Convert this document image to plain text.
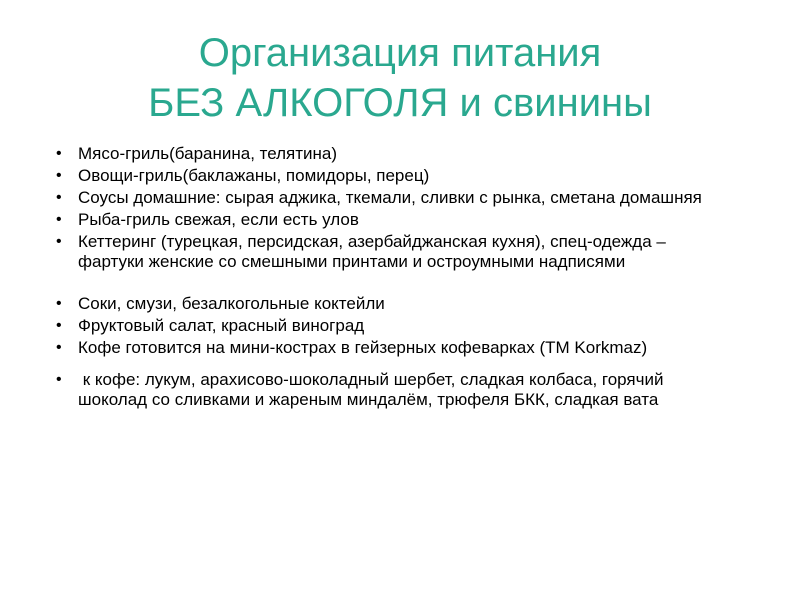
Организация питания
БЕЗ АЛКОГОЛЯ и свинины
• Мясо-гриль(баранина, телятина)
• Овощи-гриль(баклажаны, помидоры, перец)
• Соусы домашние: сырая аджика, ткемали, сливки с рынка, сметана домашняя
• Рыба-гриль свежая, если есть улов
• Кеттеринг (турецкая, персидская, азербайджанская кухня), спец-одежда – фартуки женские со смешными принтами и остроумными надписями
• Соки, смузи, безалкогольные коктейли
• Фруктовый салат, красный виноград
• Кофе готовится на мини-кострах в гейзерных кофеварках (ТМ Korkmaz)
• к кофе: лукум, арахисово-шоколадный шербет, сладкая колбаса, горячий шоколад со сливками и жареным миндалём, трюфеля БКК, сладкая вата
